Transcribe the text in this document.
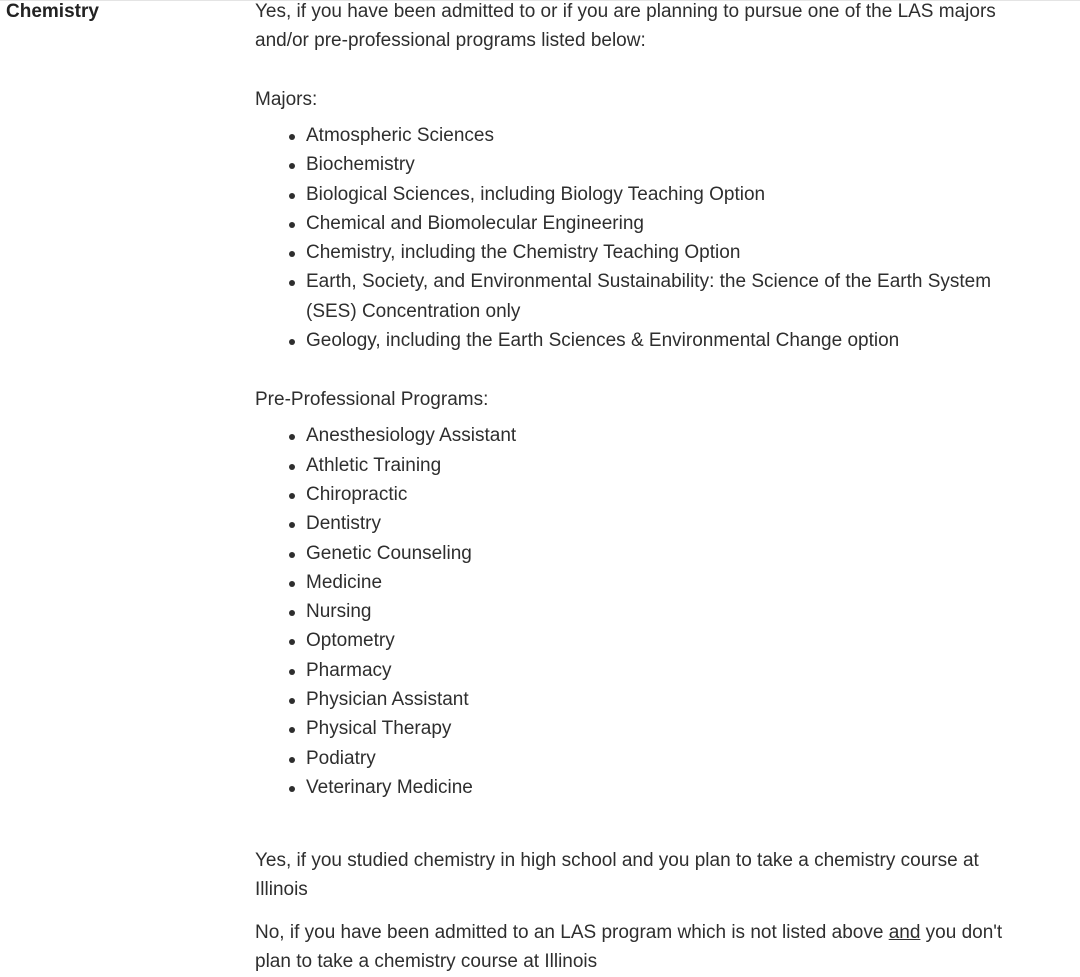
Chemistry	Yes, if you have been admitted to or if you are planning to pursue one of the LAS majors and/or pre-professional programs listed below:

Majors:

Atmospheric Sciences
Biochemistry
Biological Sciences, including Biology Teaching Option
Chemical and Biomolecular Engineering
Chemistry, including the Chemistry Teaching Option
Earth, Society, and Environmental Sustainability: the Science of the Earth System (SES) Concentration only
Geology, including the Earth Sciences & Environmental Change option

Pre-Professional Programs:

Anesthesiology Assistant
Athletic Training
Chiropractic
Dentistry
Genetic Counseling
Medicine
Nursing
Optometry
Pharmacy
Physician Assistant
Physical Therapy
Podiatry
Veterinary Medicine

Yes, if you studied chemistry in high school and you plan to take a chemistry course at Illinois

No, if you have been admitted to an LAS program which is not listed above and you don't plan to take a chemistry course at Illinois
